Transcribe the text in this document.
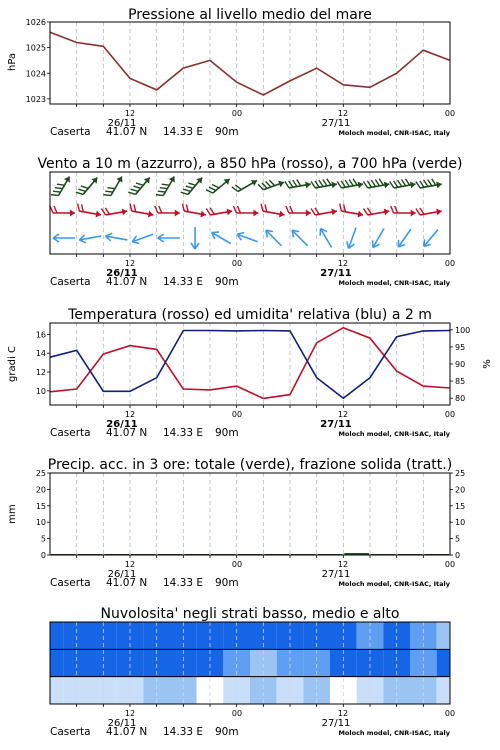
Pressione al livello medio del mare
hPa
1023
1024
1025
1026
12	00	12	00
26/11	27/11
Vento a 10 m (azzurro), a 850 hPa (rosso), a 700 hPa (verde)
12	00	12	00
26/11	27/11
Temperatura (rosso) ed umidita' relativa (blu) a 2 m
gradi C	%
10
12
14
16
80
85
90
95
100
12	00	12	00
26/11	27/11
Precip. acc. in 3 ore: totale (verde), frazione solida (tratt.)
mm
0
5
10
15
20
25
0
5
10
15
20
25
12	00	12	00
26/11	27/11
Nuvolosita' negli strati basso, medio e alto
12	00	12	00
26/11	27/11
Caserta 41.07 N 14.33 E 90m	Moloch model, CNR-ISAC, Italy
Caserta 41.07 N 14.33 E 90m	Moloch model, CNR-ISAC, Italy
Caserta 41.07 N 14.33 E 90m	Moloch model, CNR-ISAC, Italy
Caserta 41.07 N 14.33 E 90m	Moloch model, CNR-ISAC, Italy
Caserta 41.07 N 14.33 E 90m	Moloch model, CNR-ISAC, Italy
